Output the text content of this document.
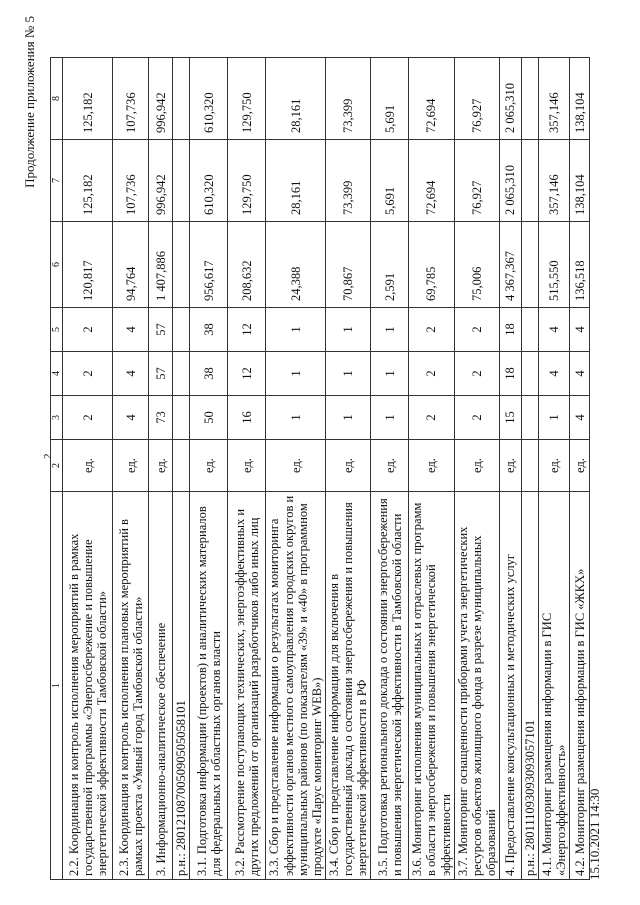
Продолжение приложения № 5
2
1	2	3	4	5	6	7	8
2.2. Координация и контроль исполнения мероприятий в рамках государственной программы «Энергосбережение и повышение энергетической эффективности Тамбовской области»	ед.	2	2	2	120,817	125,182	125,182
2.3. Координация и контроль исполнения плановых мероприятий в рамках проекта «Умный город Тамбовской области»	ед.	4	4	4	94,764	107,736	107,736
3. Информационно-аналитическое обеспечение	ед.	73	57	57	1 407,886	996,942	996,942
р.н.: 280121087005090505058101							
3.1. Подготовка информации (проектов) и аналитических материалов для федеральных и областных органов власти	ед.	50	38	38	956,617	610,320	610,320
3.2. Рассмотрение поступающих технических, энергоэффективных и других предложений от организаций разработчиков либо иных лиц	ед.	16	12	12	208,632	129,750	129,750
3.3. Сбор и представление информации о результатах мониторинга эффективности органов местного самоуправления городских округов и муниципальных районов (по показателям «39» и «40» в программном продукте «Парус мониторинг WEB»)	ед.	1	1	1	24,388	28,161	28,161
3.4. Сбор и представление информации для включения в государственный доклад о состоянии энергосбережения и повышения энергетической эффективности в РФ	ед.	1	1	1	70,867	73,399	73,399
3.5. Подготовка регионального доклада о состоянии энергосбережения и повышения энергетической эффективности в Тамбовской области	ед.	1	1	1	2,591	5,691	5,691
3.6. Мониторинг исполнения муниципальных и отраслевых программ в области энергосбережения и повышения энергетической эффективности	ед.	2	2	2	69,785	72,694	72,694
3.7. Мониторинг оснащенности приборами учета энергетических ресурсов объектов жилищного фонда в разрезе муниципальных образований	ед.	2	2	2	75,006	76,927	76,927
4. Предоставление консультационных и методических услуг	ед.	15	18	18	4 367,367	2 065,310	2 065,310
р.н.: 280111093093093057101							
4.1. Мониторинг размещения информации в ГИС «Энергоэффективность»	ед.	1	4	4	515,550	357,146	357,146
4.2. Мониторинг размещения информации в ГИС «ЖКХ»	ед.	4	4	4	136,518	138,104	138,104
15.10.2021 14:30
